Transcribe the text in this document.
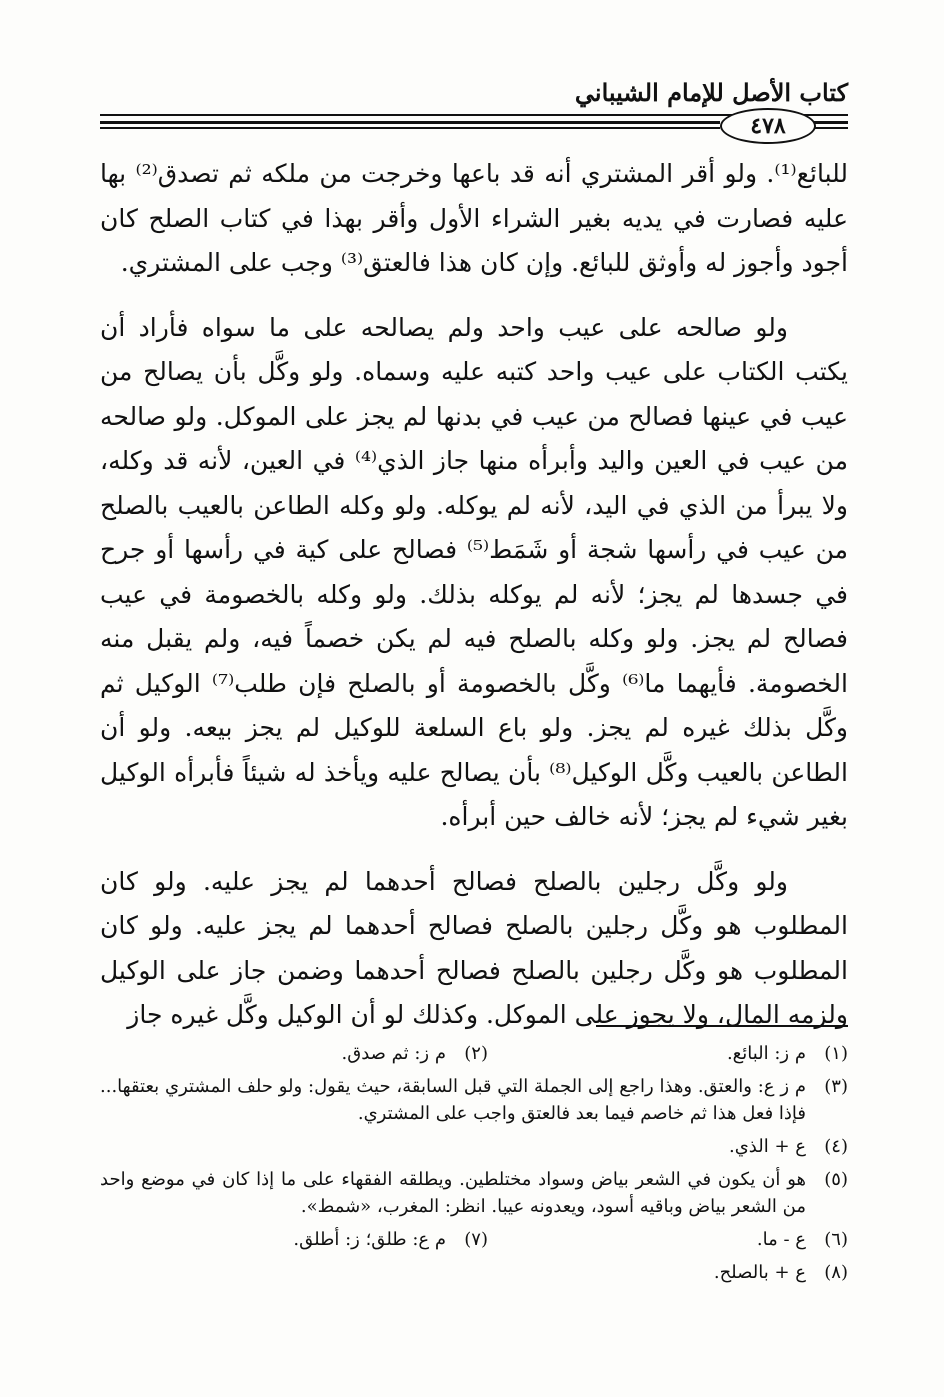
كتاب الأصل للإمام الشيباني
٤٧٨

للبائع⁽¹⁾. ولو أقر المشتري أنه قد باعها وخرجت من ملكه ثم تصدق⁽²⁾ بها عليه فصارت في يديه بغير الشراء الأول وأقر بهذا في كتاب الصلح كان أجود وأجوز له وأوثق للبائع. وإن كان هذا فالعتق⁽³⁾ وجب على المشتري.

ولو صالحه على عيب واحد ولم يصالحه على ما سواه فأراد أن يكتب الكتاب على عيب واحد كتبه عليه وسماه. ولو وكَّل بأن يصالح من عيب في عينها فصالح من عيب في بدنها لم يجز على الموكل. ولو صالحه من عيب في العين واليد وأبرأه منها جاز الذي⁽⁴⁾ في العين، لأنه قد وكله، ولا يبرأ من الذي في اليد، لأنه لم يوكله. ولو وكله الطاعن بالعيب بالصلح من عيب في رأسها شجة أو شَمَط⁽⁵⁾ فصالح على كية في رأسها أو جرح في جسدها لم يجز؛ لأنه لم يوكله بذلك. ولو وكله بالخصومة في عيب فصالح لم يجز. ولو وكله بالصلح فيه لم يكن خصماً فيه، ولم يقبل منه الخصومة. فأيهما ما⁽⁶⁾ وكَّل بالخصومة أو بالصلح فإن طلب⁽⁷⁾ الوكيل ثم وكَّل بذلك غيره لم يجز. ولو باع السلعة للوكيل لم يجز بيعه. ولو أن الطاعن بالعيب وكَّل الوكيل⁽⁸⁾ بأن يصالح عليه ويأخذ له شيئاً فأبرأه الوكيل بغير شيء لم يجز؛ لأنه خالف حين أبرأه.

ولو وكَّل رجلين بالصلح فصالح أحدهما لم يجز عليه. ولو كان المطلوب هو وكَّل رجلين بالصلح فصالح أحدهما لم يجز عليه. ولو كان المطلوب هو وكَّل رجلين بالصلح فصالح أحدهما وضمن جاز على الوكيل ولزمه المال، ولا يجوز على الموكل. وكذلك لو أن الوكيل وكَّل غيره جاز

(١)
م ز: البائع.
(٢)
م ز: ثم صدق.
(٣)
م ز ع: والعتق. وهذا راجع إلى الجملة التي قبل السابقة، حيث يقول: ولو حلف المشتري بعتقها... فإذا فعل هذا ثم خاصم فيما بعد فالعتق واجب على المشتري.
(٤)
ع + الذي.
(٥)
هو أن يكون في الشعر بياض وسواد مختلطين. ويطلقه الفقهاء على ما إذا كان في موضع واحد من الشعر بياض وباقيه أسود، ويعدونه عيبا. انظر: المغرب، «شمط».
(٦)
ع - ما.
(٧)
م ع: طلق؛ ز: أطلق.
(٨)
ع + بالصلح.
